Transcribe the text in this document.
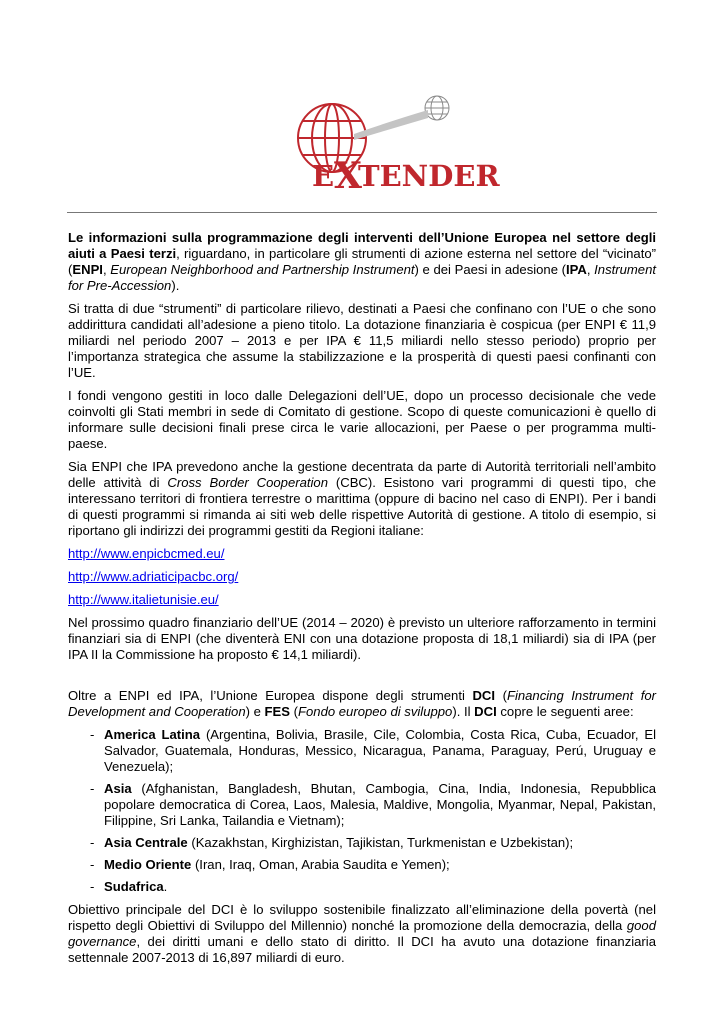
E X
TENDER

Le informazioni sulla programmazione degli interventi dell’Unione Europea nel settore degli aiuti a Paesi terzi, riguardano, in particolare gli strumenti di azione esterna nel settore del “vicinato” (ENPI, European Neighborhood and Partnership Instrument) e dei Paesi in adesione (IPA, Instrument for Pre-Accession).

Si tratta di due “strumenti” di particolare rilievo, destinati a Paesi che confinano con l’UE o che sono addirittura candidati all’adesione a pieno titolo. La dotazione finanziaria è cospicua (per ENPI € 11,9 miliardi nel periodo 2007 – 2013 e per IPA € 11,5 miliardi nello stesso periodo) proprio per l’importanza strategica che assume la stabilizzazione e la prosperità di questi paesi confinanti con l’UE.

I fondi vengono gestiti in loco dalle Delegazioni dell’UE, dopo un processo decisionale che vede coinvolti gli Stati membri in sede di Comitato di gestione. Scopo di queste comunicazioni è quello di informare sulle decisioni finali prese circa le varie allocazioni, per Paese o per programma multi-paese.

Sia ENPI che IPA prevedono anche la gestione decentrata da parte di Autorità territoriali nell’ambito delle attività di Cross Border Cooperation (CBC). Esistono vari programmi di questi tipo, che interessano territori di frontiera terrestre o marittima (oppure di bacino nel caso di ENPI). Per i bandi di questi programmi si rimanda ai siti web delle rispettive Autorità di gestione. A titolo di esempio, si riportano gli indirizzi dei programmi gestiti da Regioni italiane:

http://www.enpicbcmed.eu/

http://www.adriaticipacbc.org/

http://www.italietunisie.eu/

Nel prossimo quadro finanziario dell’UE (2014 – 2020) è previsto un ulteriore rafforzamento in termini finanziari sia di ENPI (che diventerà ENI con una dotazione proposta di 18,1 miliardi) sia di IPA (per IPA II la Commissione ha proposto € 14,1 miliardi).

Oltre a ENPI ed IPA, l’Unione Europea dispone degli strumenti DCI (Financing Instrument for Development and Cooperation) e FES (Fondo europeo di sviluppo). Il DCI copre le seguenti aree:

- America Latina (Argentina, Bolivia, Brasile, Cile, Colombia, Costa Rica, Cuba, Ecuador, El Salvador, Guatemala, Honduras, Messico, Nicaragua, Panama, Paraguay, Perú, Uruguay e Venezuela);
- Asia (Afghanistan, Bangladesh, Bhutan, Cambogia, Cina, India, Indonesia, Repubblica popolare democratica di Corea, Laos, Malesia, Maldive, Mongolia, Myanmar, Nepal, Pakistan, Filippine, Sri Lanka, Tailandia e Vietnam);
- Asia Centrale (Kazakhstan, Kirghizistan, Tajikistan, Turkmenistan e Uzbekistan);
- Medio Oriente (Iran, Iraq, Oman, Arabia Saudita e Yemen);
- Sudafrica.

Obiettivo principale del DCI è lo sviluppo sostenibile finalizzato all’eliminazione della povertà (nel rispetto degli Obiettivi di Sviluppo del Millennio) nonché la promozione della democrazia, della good governance, dei diritti umani e dello stato di diritto. Il DCI ha avuto una dotazione finanziaria settennale 2007-2013 di 16,897 miliardi di euro.
